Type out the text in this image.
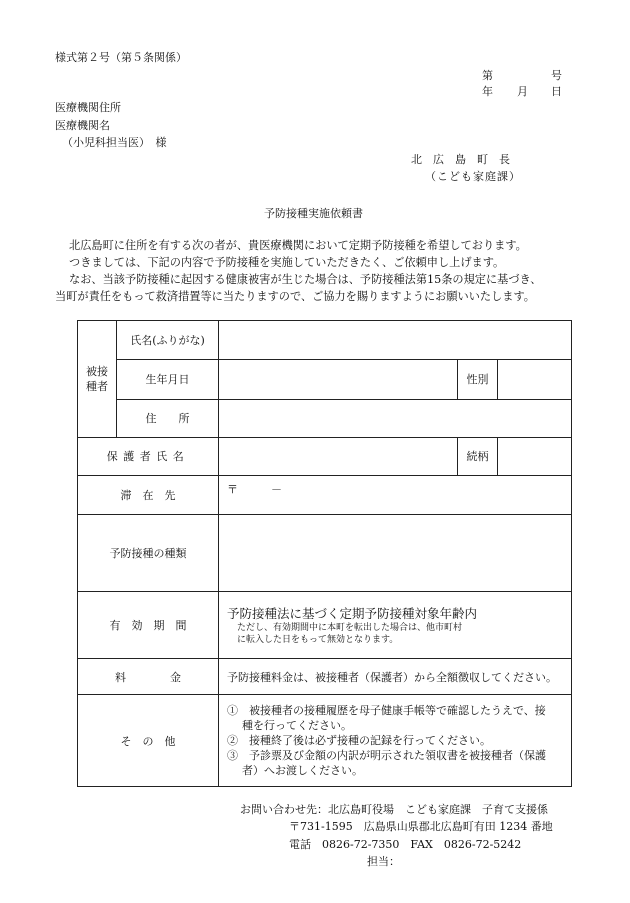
様式第２号（第５条関係）
第	号
年 月 日
医療機関住所
医療機関名
（小児科担当医）　様
北　広　島　町　長
（こども家庭課）
予防接種実施依頼書
北広島町に住所を有する次の者が、貴医療機関において定期予防接種を希望しております。
つきましては、下記の内容で予防接種を実施していただきたく、ご依頼申し上げます。
なお、当該予防接種に起因する健康被害が生じた場合は、予防接種法第15条の規定に基づき、
当町が責任をもって救済措置等に当たりますので、ご協力を賜りますようにお願いいたします。
被接種者	氏名(ふりがな)			
	生年月日		性別	
	住　　所			
保護者氏名			続柄	
滞　在　先		〒　　　－		
予防接種の種類				
有　効　期　間		予防接種法に基づく定期予防接種対象年齢内
ただし、有効期間中に本町を転出した場合は、他市町村
に転入した日をもって無効となります。		

料　　　　金		予防接種料金は、被接種者（保護者）から全額徴収してください。		
そ　の　他		①　被接種者の接種履歴を母子健康手帳等で確認したうえで、接
種を行ってください。
②　接種終了後は必ず接種の記録を行ってください。
③　予診票及び金額の内訳が明示された領収書を被接種者（保護
者）へお渡しください。		
お問い合わせ先：北広島町役場　こども家庭課　子育て支援係
〒731-1595　広島県山県郡北広島町有田 1234 番地
電話　0826-72-7350　FAX　0826-72-5242
担当：
